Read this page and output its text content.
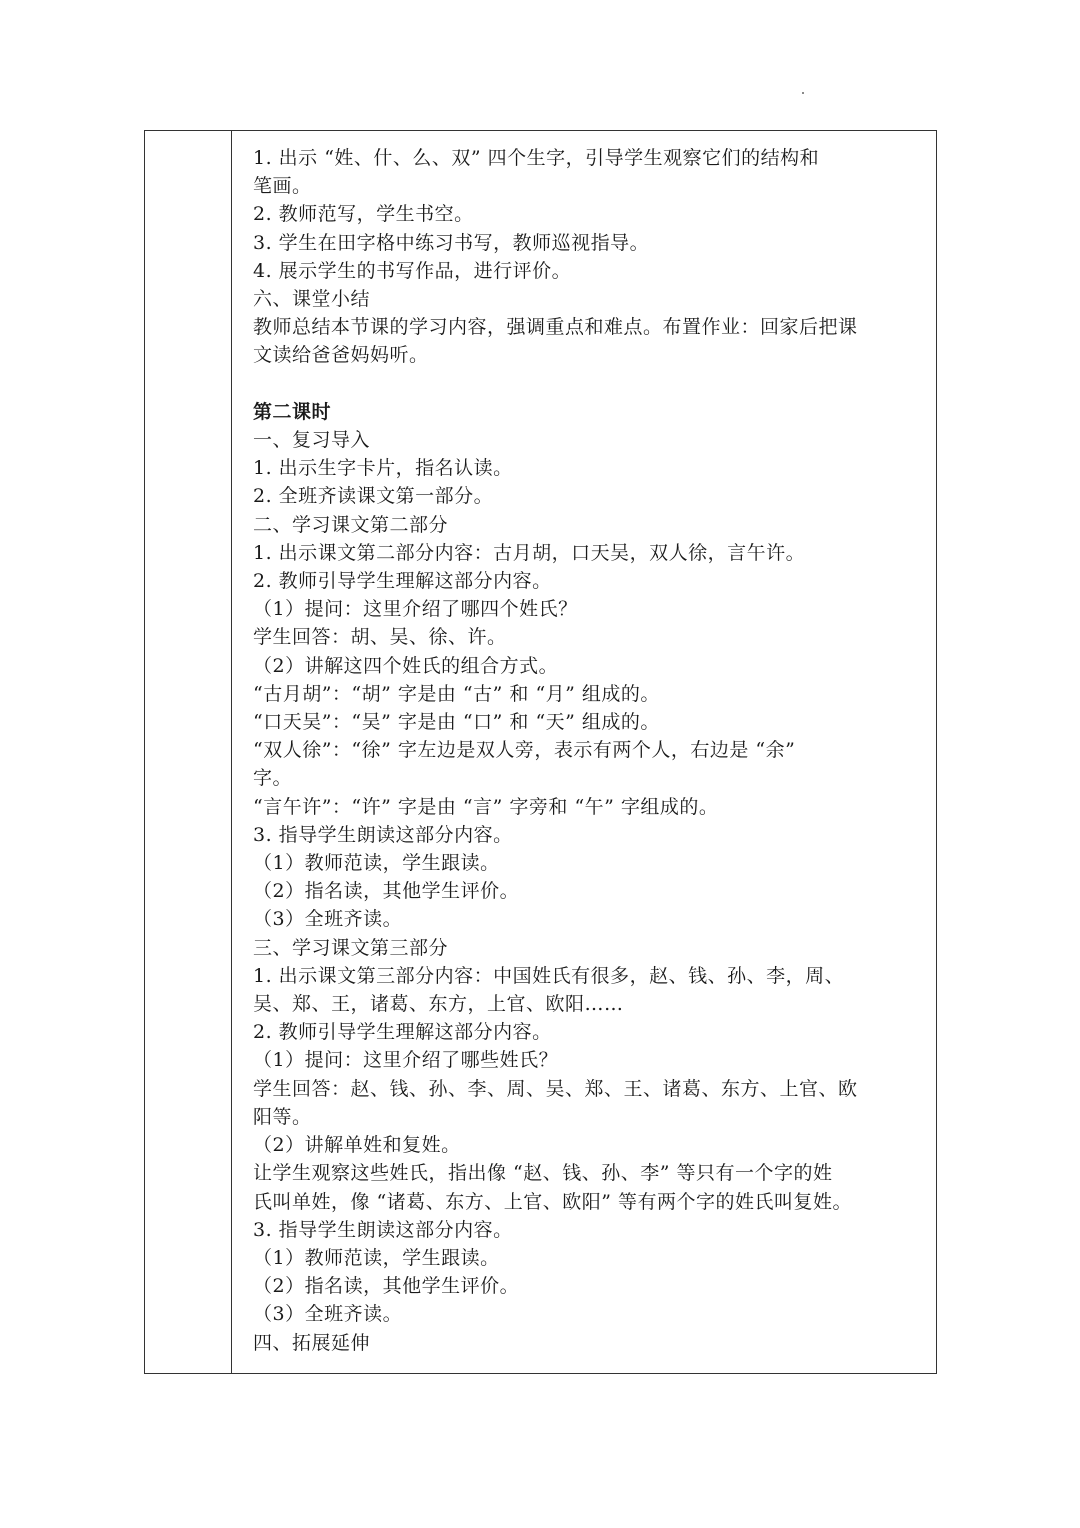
1. 出示 “姓、什、么、双” 四个生字，引导学生观察它们的结构和

笔画。

2. 教师范写，学生书空。

3. 学生在田字格中练习书写，教师巡视指导。

4. 展示学生的书写作品，进行评价。

六、课堂小结

教师总结本节课的学习内容，强调重点和难点。布置作业：回家后把课

文读给爸爸妈妈听。

第二课时

一、复习导入

1. 出示生字卡片，指名认读。

2. 全班齐读课文第一部分。

二、学习课文第二部分

1. 出示课文第二部分内容：古月胡，口天吴，双人徐，言午许。

2. 教师引导学生理解这部分内容。

（1）提问：这里介绍了哪四个姓氏？

学生回答：胡、吴、徐、许。

（2）讲解这四个姓氏的组合方式。

“古月胡”：“胡” 字是由 “古” 和 “月” 组成的。

“口天吴”：“吴” 字是由 “口” 和 “天” 组成的。

“双人徐”：“徐” 字左边是双人旁，表示有两个人，右边是 “余”

字。

“言午许”：“许” 字是由 “言” 字旁和 “午” 字组成的。

3. 指导学生朗读这部分内容。

（1）教师范读，学生跟读。

（2）指名读，其他学生评价。

（3）全班齐读。

三、学习课文第三部分

1. 出示课文第三部分内容：中国姓氏有很多，赵、钱、孙、李，周、

吴、郑、王，诸葛、东方，上官、欧阳……

2. 教师引导学生理解这部分内容。

（1）提问：这里介绍了哪些姓氏？

学生回答：赵、钱、孙、李、周、吴、郑、王、诸葛、东方、上官、欧

阳等。

（2）讲解单姓和复姓。

让学生观察这些姓氏，指出像 “赵、钱、孙、李” 等只有一个字的姓

氏叫单姓，像 “诸葛、东方、上官、欧阳” 等有两个字的姓氏叫复姓。

3. 指导学生朗读这部分内容。

（1）教师范读，学生跟读。

（2）指名读，其他学生评价。

（3）全班齐读。

四、拓展延伸
